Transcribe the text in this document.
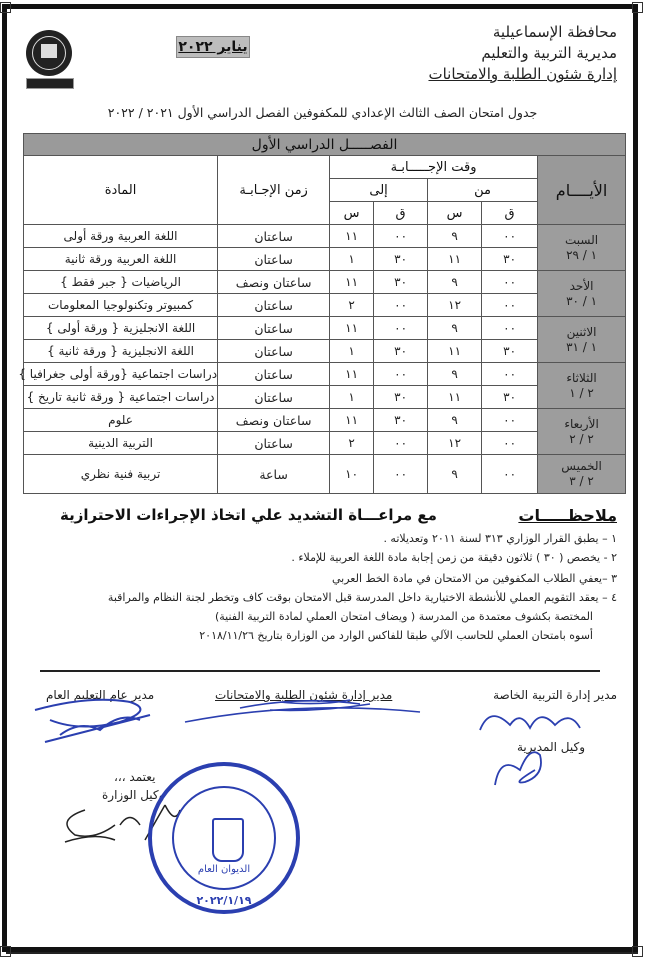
محافظة الإسماعيلية
مديرية التربية والتعليم
إدارة شئون الطلبة والامتحانات
يناير ٢٠٢٢
جدول امتحان الصف الثالث الإعدادي للمكفوفين الفصل الدراسي الأول ٢٠٢١ / ٢٠٢٢
الفصـــــل الدراسي الأول						
الأيــــام	وقت الإجـــــابـة				زمن الإجـابـة	المادة
	من		إلى			
	ق	س	ق	س		

السبت
١ / ٢٩	٠٠	٩	٠٠	١١	ساعتان	اللغة العربية ورقة أولى
	٣٠	١١	٣٠	١	ساعتان	اللغة العربية ورقة ثانية

الأحد
١ / ٣٠	٠٠	٩	٣٠	١١	ساعتان ونصف	الرياضيات { جبر فقط }
	٠٠	١٢	٠٠	٢	ساعتان	كمبيوتر وتكنولوجيا المعلومات

الاثنين
١ / ٣١	٠٠	٩	٠٠	١١	ساعتان	اللغة الانجليزية { ورقة أولى }
	٣٠	١١	٣٠	١	ساعتان	اللغة الانجليزية { ورقة ثانية }

الثلاثاء
٢ / ١	٠٠	٩	٠٠	١١	ساعتان	دراسات اجتماعية {ورقة أولى جغرافيا }
	٣٠	١١	٣٠	١	ساعتان	دراسات اجتماعية { ورقة ثانية تاريخ }

الأربعاء
٢ / ٢	٠٠	٩	٣٠	١١	ساعتان ونصف	علوم
	٠٠	١٢	٠٠	٢	ساعتان	التربية الدينية

الخميس
٢ / ٣	٠٠	٩	٠٠	١٠	ساعة	تربية فنية نظري
ملاحظـــــات
مع مراعـــاة التشديد علي اتخاذ الإجراءات الاحترازية
١ – يطبق القرار الوزاري ٣١٣ لسنة ٢٠١١ وتعديلاته .
٢ - يخصص ( ٣٠ ) ثلاثون دقيقة من زمن إجابة مادة اللغة العربية للإملاء .
٣ –يعفي الطلاب المكفوفين من الامتحان في مادة الخط العربي
٤ – يعقد التقويم العملي للأنشطة الاختيارية داخل المدرسة قبل الامتحان بوقت كاف وتخطر لجنة النظام والمراقبة
المختصة بكشوف معتمدة من المدرسة ( ويضاف امتحان العملي لمادة التربية الفنية)
أسوه بامتحان العملي للحاسب الآلي طبقا للفاكس الوارد من الوزارة بتاريخ ٢٠١٨/١١/٢٦
مدير إدارة التربية الخاصة
مدير إدارة شئون الطلبة والامتحانات
مدير عام التعليم العام
وكيل المديرية
يعتمد ،،،
وكيل الوزارة
الديوان العام
٢٠٢٢/١/١٩
